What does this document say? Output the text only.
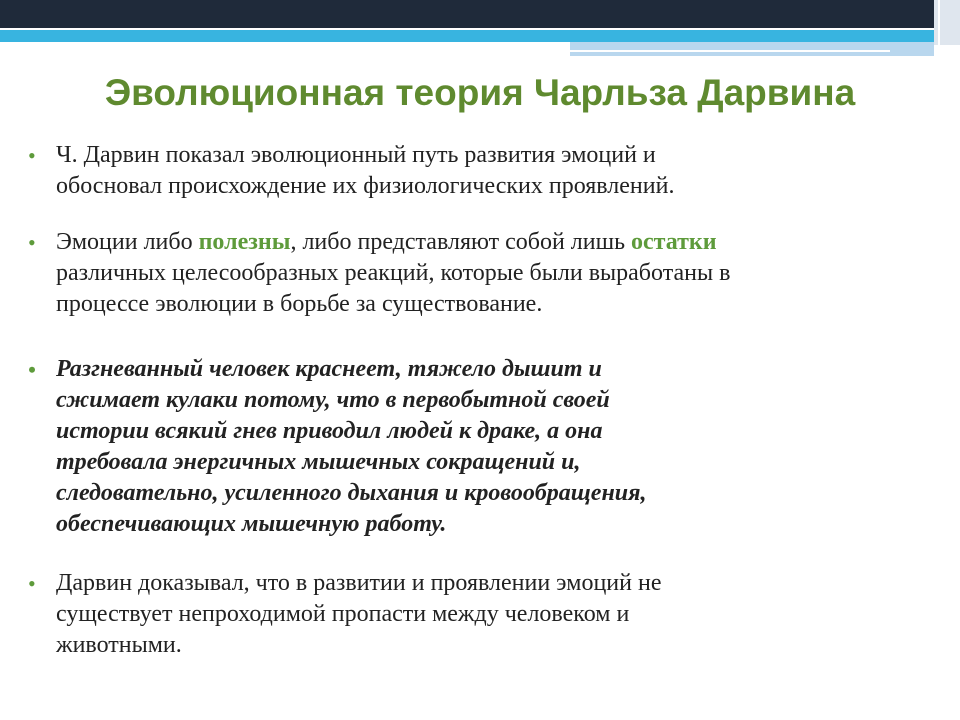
Эволюционная теория Чарльза Дарвина
• Ч. Дарвин показал эволюционный путь развития эмоций и
обосновал происхождение их физиологических проявлений.
• Эмоции либо полезны, либо представляют собой лишь остатки
различных целесообразных реакций, которые были выработаны в
процессе эволюции в борьбе за существование.
• Разгневанный человек краснеет, тяжело дышит и
сжимает кулаки потому, что в первобытной своей
истории всякий гнев приводил людей к драке, а она
требовала энергичных мышечных сокращений и,
следовательно, усиленного дыхания и кровообращения,
обеспечивающих мышечную работу.
• Дарвин доказывал, что в развитии и проявлении эмоций не
существует непроходимой пропасти между человеком и
животными.
